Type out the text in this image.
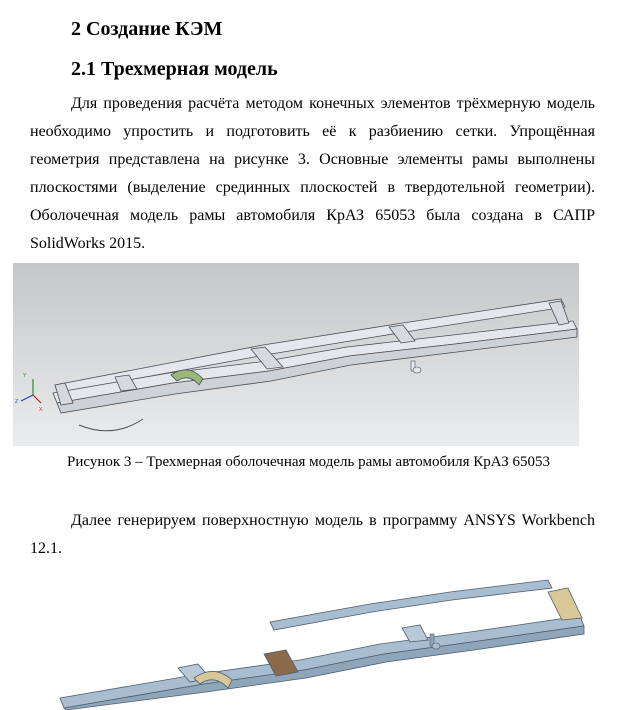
2 Создание КЭМ
2.1 Трехмерная модель

Для проведения расчёта методом конечных элементов трёхмерную модель необходимо упростить и подготовить её к разбиению сетки. Упрощённая геометрия представлена на рисунке 3. Основные элементы рамы выполнены плоскостями (выделение срединных плоскостей в твердотельной геометрии). Оболочечная модель рамы автомобиля КрАЗ 65053 была создана в САПР SolidWorks 2015.

Y
Z
X
Рисунок 3 – Трехмерная оболочечная модель рамы автомобиля КрАЗ 65053

Далее генерируем поверхностную модель в программу ANSYS Workbench 12.1.
